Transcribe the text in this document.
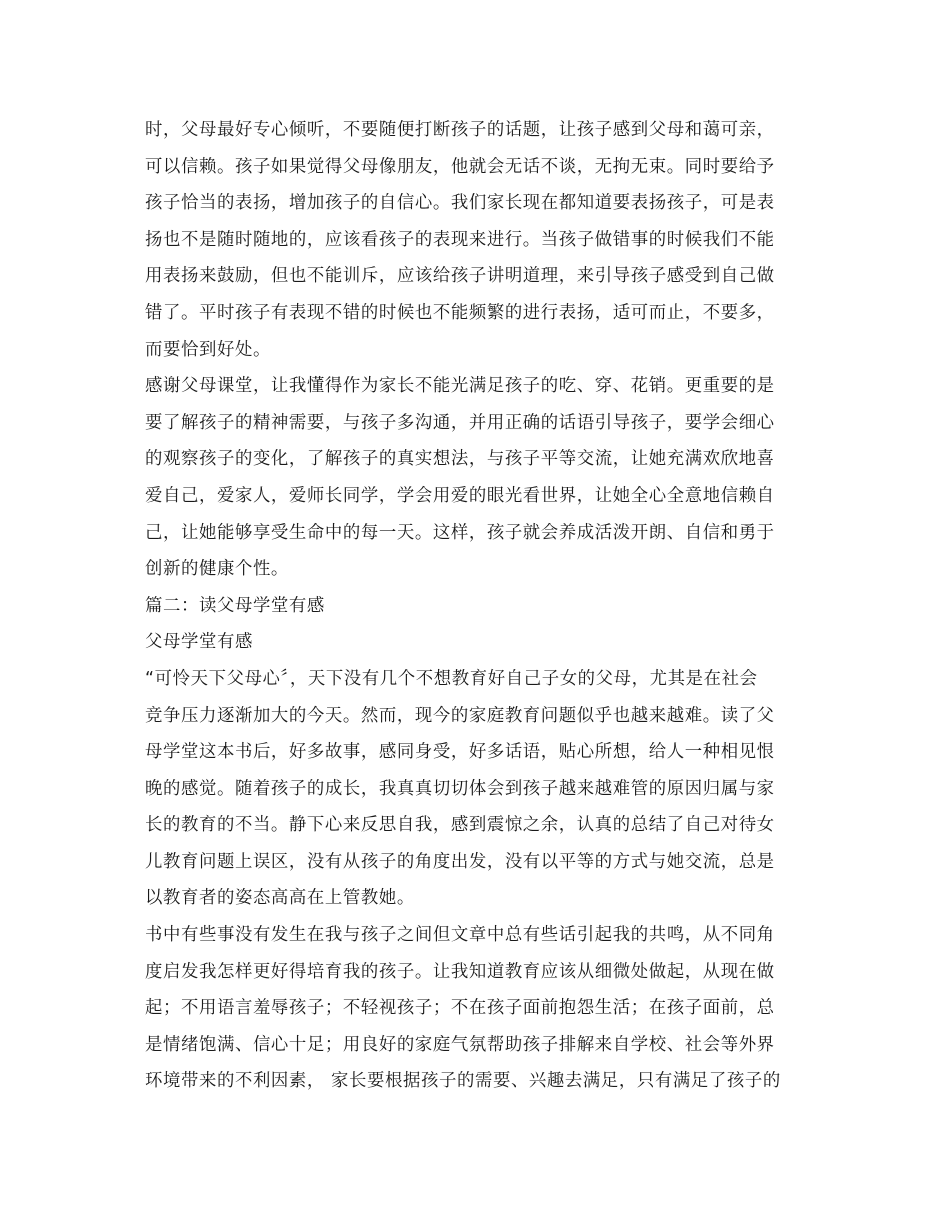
时，父母最好专心倾听，不要随便打断孩子的话题，让孩子感到父母和蔼可亲，
可以信赖。孩子如果觉得父母像朋友，他就会无话不谈，无拘无束。同时要给予
孩子恰当的表扬，增加孩子的自信心。我们家长现在都知道要表扬孩子，可是表
扬也不是随时随地的，应该看孩子的表现来进行。当孩子做错事的时候我们不能
用表扬来鼓励，但也不能训斥，应该给孩子讲明道理，来引导孩子感受到自己做
错了。平时孩子有表现不错的时候也不能频繁的进行表扬，适可而止，不要多，
而要恰到好处。
感谢父母课堂，让我懂得作为家长不能光满足孩子的吃、穿、花销。更重要的是
要了解孩子的精神需要，与孩子多沟通，并用正确的话语引导孩子，要学会细心
的观察孩子的变化，了解孩子的真实想法，与孩子平等交流，让她充满欢欣地喜
爱自己，爱家人，爱师长同学，学会用爱的眼光看世界，让她全心全意地信赖自
己，让她能够享受生命中的每一天。这样，孩子就会养成活泼开朗、自信和勇于
创新的健康个性。
篇二：读父母学堂有感
父母学堂有感
“可怜天下父母心〞，天下没有几个不想教育好自己子女的父母，尤其是在社会
竞争压力逐渐加大的今天。然而，现今的家庭教育问题似乎也越来越难。读了父
母学堂这本书后，好多故事，感同身受，好多话语，贴心所想，给人一种相见恨
晚的感觉。随着孩子的成长，我真真切切体会到孩子越来越难管的原因归属与家
长的教育的不当。静下心来反思自我，感到震惊之余，认真的总结了自己对待女
儿教育问题上误区，没有从孩子的角度出发，没有以平等的方式与她交流，总是
以教育者的姿态高高在上管教她。
书中有些事没有发生在我与孩子之间但文章中总有些话引起我的共鸣，从不同角
度启发我怎样更好得培育我的孩子。让我知道教育应该从细微处做起，从现在做
起；不用语言羞辱孩子；不轻视孩子；不在孩子面前抱怨生活；在孩子面前，总
是情绪饱满、信心十足；用良好的家庭气氛帮助孩子排解来自学校、社会等外界
环境带来的不利因素， 家长要根据孩子的需要、兴趣去满足，只有满足了孩子的
